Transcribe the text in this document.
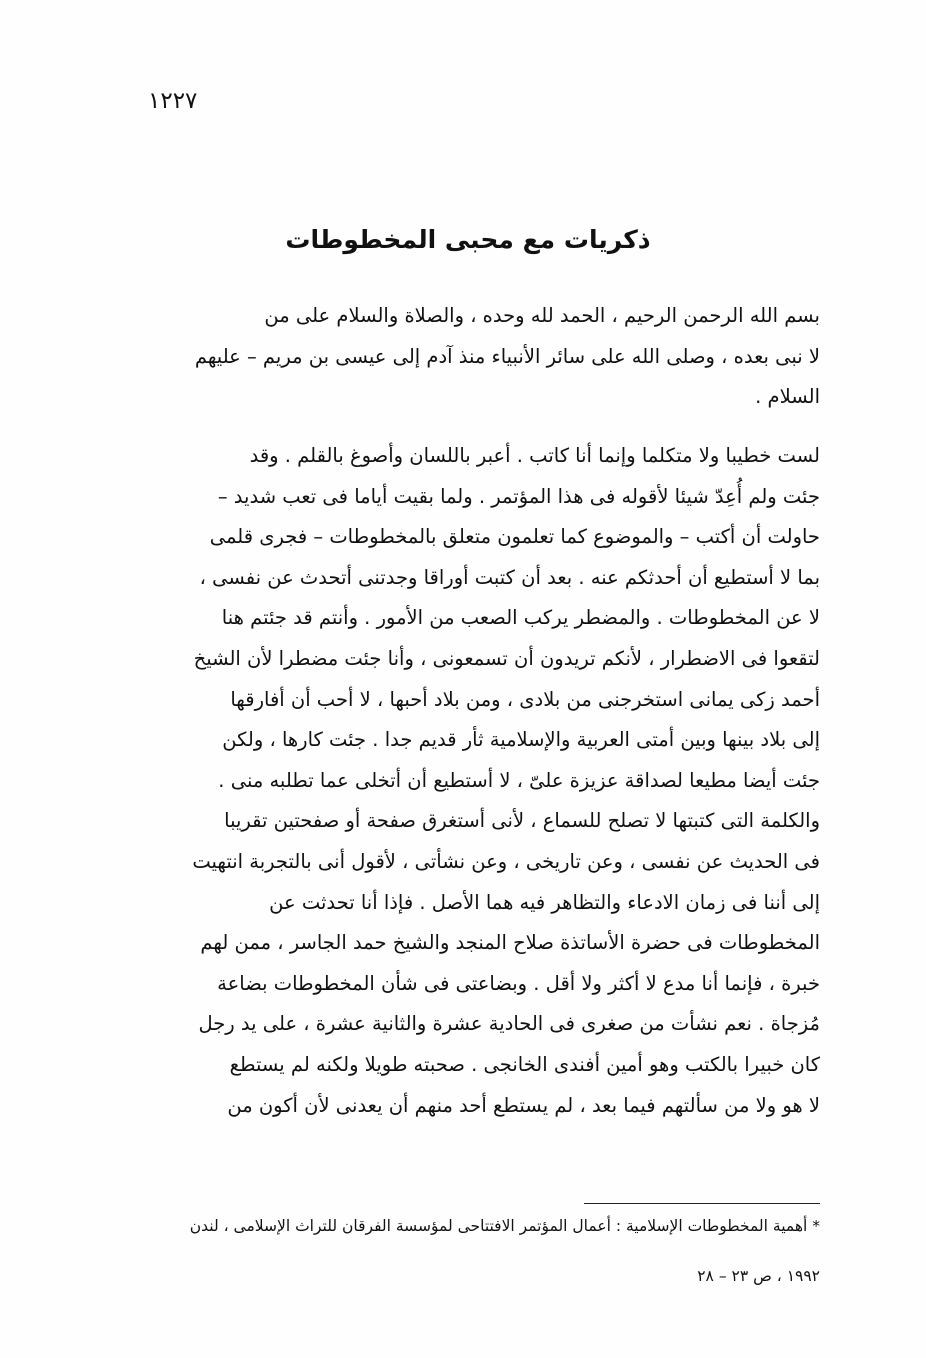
١٢٢٧
ذكريات مع محبى المخطوطات
بسم الله الرحمن الرحيم ، الحمد لله وحده ، والصلاة والسلام على من
لا نبى بعده ، وصلى الله على سائر الأنبياء منذ آدم إلى عيسى بن مريم – عليهم
السلام .
لست خطيبا ولا متكلما وإنما أنا كاتب . أعبر باللسان وأصوغ بالقلم . وقد
جئت ولم أُعِدّ شيئا لأقوله فى هذا المؤتمر . ولما بقيت أياما فى تعب شديد –
حاولت أن أكتب – والموضوع كما تعلمون متعلق بالمخطوطات – فجرى قلمى
بما لا أستطيع أن أحدثكم عنه . بعد أن كتبت أوراقا وجدتنى أتحدث عن نفسى ،
لا عن المخطوطات . والمضطر يركب الصعب من الأمور . وأنتم قد جئتم هنا
لتقعوا فى الاضطرار ، لأنكم تريدون أن تسمعونى ، وأنا جئت مضطرا لأن الشيخ
أحمد زكى يمانى استخرجنى من بلادى ، ومن بلاد أحبها ، لا أحب أن أفارقها
إلى بلاد بينها وبين أمتى العربية والإسلامية ثأر قديم جدا . جئت كارها ، ولكن
جئت أيضا مطيعا لصداقة عزيزة علىّ ، لا أستطيع أن أتخلى عما تطلبه منى .
والكلمة التى كتبتها لا تصلح للسماع ، لأنى أستغرق صفحة أو صفحتين تقريبا
فى الحديث عن نفسى ، وعن تاريخى ، وعن نشأتى ، لأقول أنى بالتجربة انتهيت
إلى أننا فى زمان الادعاء والتظاهر فيه هما الأصل . فإذا أنا تحدثت عن
المخطوطات فى حضرة الأساتذة صلاح المنجد والشيخ حمد الجاسر ، ممن لهم
خبرة ، فإنما أنا مدع لا أكثر ولا أقل . وبضاعتى فى شأن المخطوطات بضاعة
مُزجاة . نعم نشأت من صغرى فى الحادية عشرة والثانية عشرة ، على يد رجل
كان خبيرا بالكتب وهو أمين أفندى الخانجى . صحبته طويلا ولكنه لم يستطع
لا هو ولا من سألتهم فيما بعد ، لم يستطع أحد منهم أن يعدنى لأن أكون من
* أهمية المخطوطات الإسلامية : أعمال المؤتمر الافتتاحى لمؤسسة الفرقان للتراث الإسلامى ، لندن
١٩٩٢ ، ص ٢٣ – ٢٨
